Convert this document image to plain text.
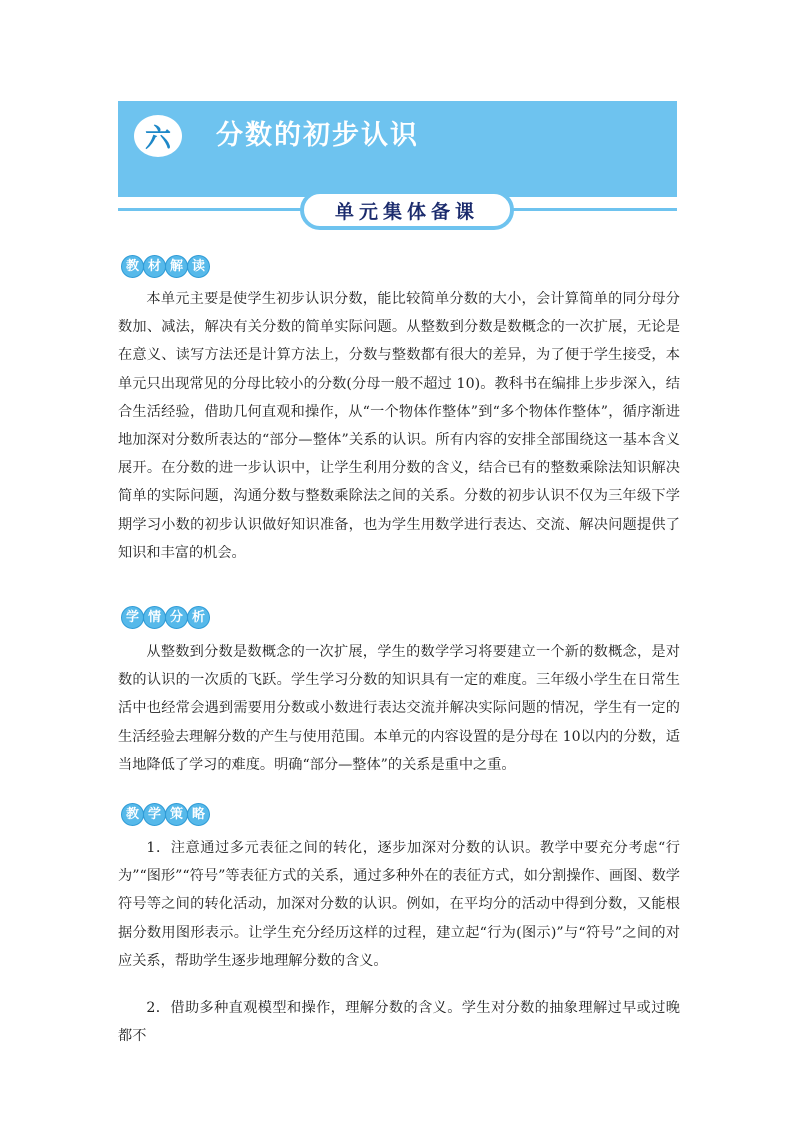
六	分数的初步认识
单元集体备课
教 材 解 读

本单元主要是使学生初步认识分数，能比较简单分数的大小，会计算简单的同分母分数加、减法，解决有关分数的简单实际问题。从整数到分数是数概念的一次扩展，无论是在意义、读写方法还是计算方法上，分数与整数都有很大的差异，为了便于学生接受，本单元只出现常见的分母比较小的分数(分母一般不超过 10)。教科书在编排上步步深入，结合生活经验，借助几何直观和操作，从“一个物体作整体”到“多个物体作整体”，循序渐进地加深对分数所表达的“部分—整体”关系的认识。所有内容的安排全部围绕这一基本含义展开。在分数的进一步认识中，让学生利用分数的含义，结合已有的整数乘除法知识解决简单的实际问题，沟通分数与整数乘除法之间的关系。分数的初步认识不仅为三年级下学期学习小数的初步认识做好知识准备，也为学生用数学进行表达、交流、解决问题提供了知识和丰富的机会。

学 情 分 析

从整数到分数是数概念的一次扩展，学生的数学学习将要建立一个新的数概念，是对数的认识的一次质的飞跃。学生学习分数的知识具有一定的难度。三年级小学生在日常生活中也经常会遇到需要用分数或小数进行表达交流并解决实际问题的情况，学生有一定的生活经验去理解分数的产生与使用范围。本单元的内容设置的是分母在 10以内的分数，适当地降低了学习的难度。明确“部分—整体”的关系是重中之重。

教 学 策 略

1．注意通过多元表征之间的转化，逐步加深对分数的认识。教学中要充分考虑“行为”“图形”“符号”等表征方式的关系，通过多种外在的表征方式，如分割操作、画图、数学符号等之间的转化活动，加深对分数的认识。例如，在平均分的活动中得到分数，又能根据分数用图形表示。让学生充分经历这样的过程，建立起“行为(图示)”与“符号”之间的对应关系，帮助学生逐步地理解分数的含义。

2．借助多种直观模型和操作，理解分数的含义。学生对分数的抽象理解过早或过晚都不
